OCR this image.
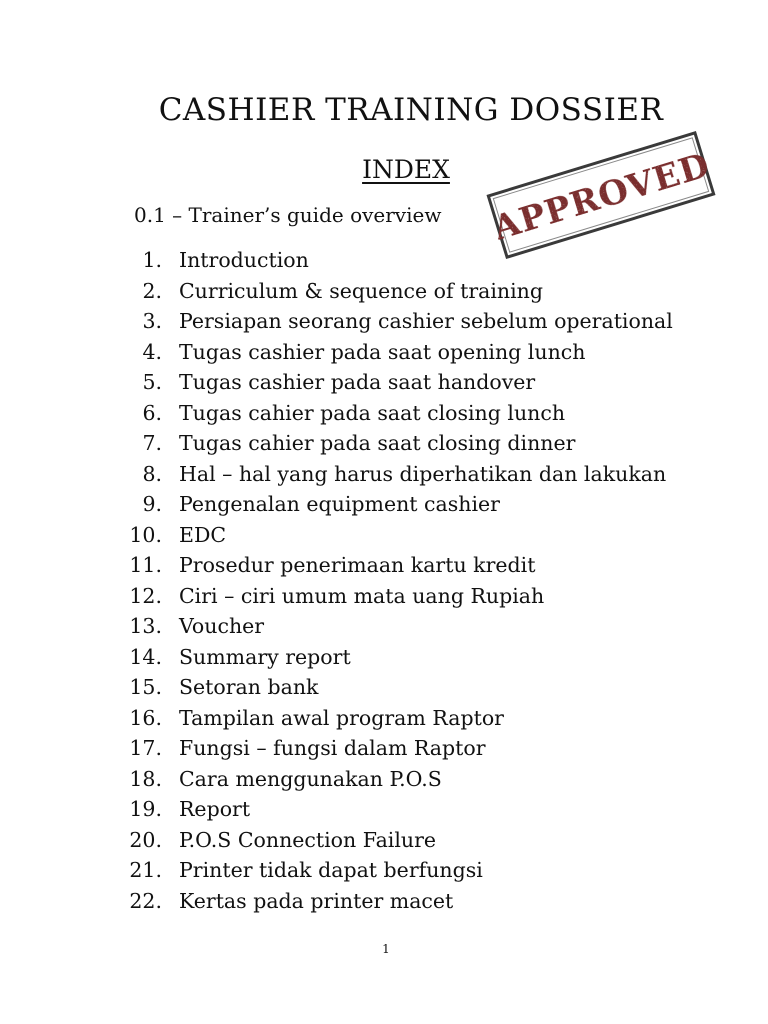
CASHIER TRAINING DOSSIER
INDEX
0.1 – Trainer’s guide overview
1. Introduction
2. Curriculum & sequence of training
3. Persiapan seorang cashier sebelum operational
4. Tugas cashier pada saat opening lunch
5. Tugas cashier pada saat handover
6. Tugas cahier pada saat closing lunch
7. Tugas cahier pada saat closing dinner
8. Hal – hal yang harus diperhatikan dan lakukan
9. Pengenalan equipment cashier
10. EDC
11. Prosedur penerimaan kartu kredit
12. Ciri – ciri umum mata uang Rupiah
13. Voucher
14. Summary report
15. Setoran bank
16. Tampilan awal program Raptor
17. Fungsi – fungsi dalam Raptor
18. Cara menggunakan P.O.S
19. Report
20. P.O.S Connection Failure
21. Printer tidak dapat berfungsi
22. Kertas pada printer macet
APPROVED
1
